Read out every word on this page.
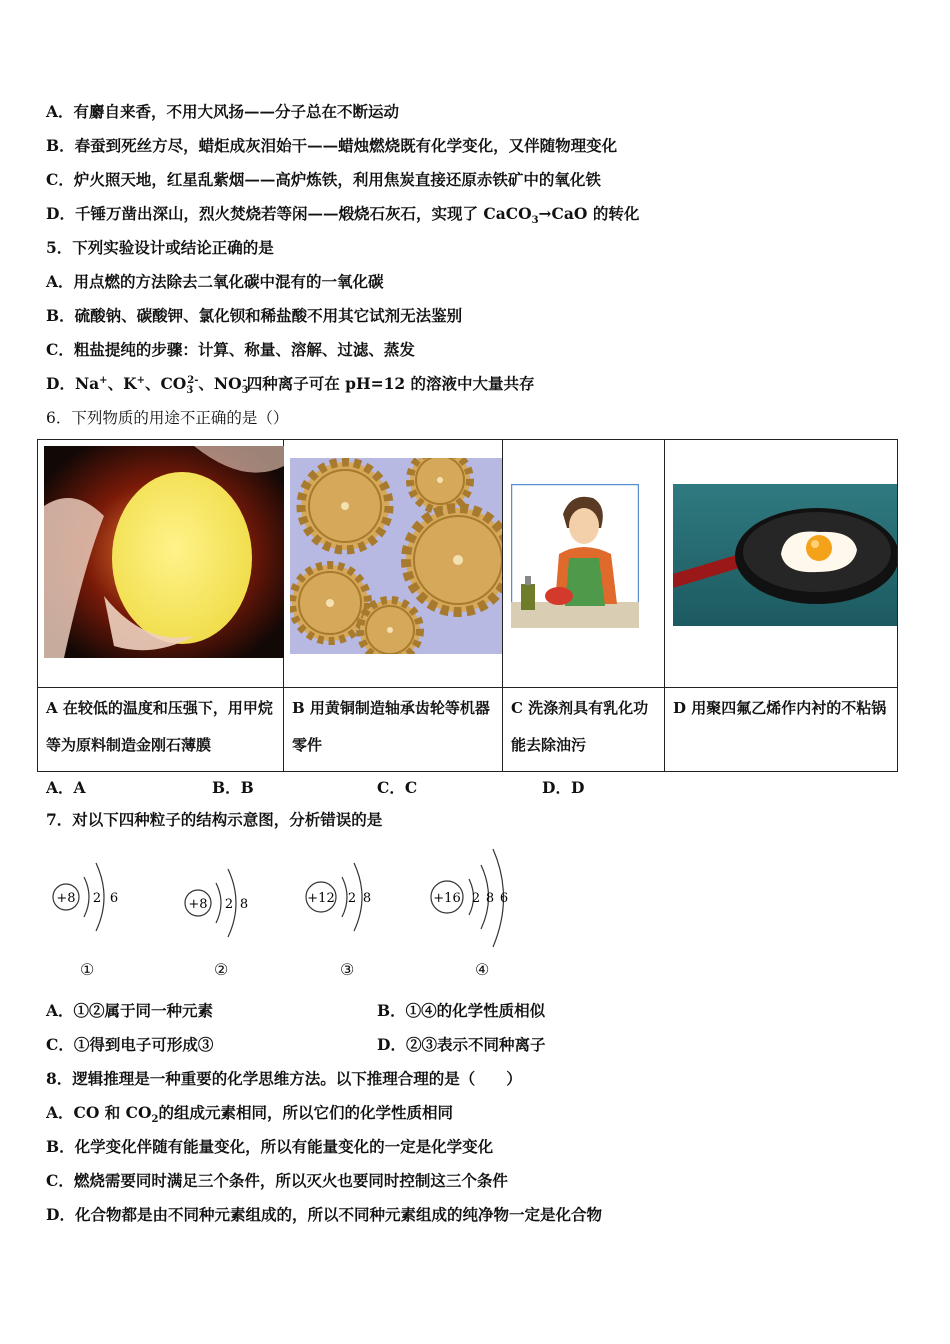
A．有麝自来香，不用大风扬——分子总在不断运动
B．春蚕到死丝方尽，蜡炬成灰泪始干——蜡烛燃烧既有化学变化，又伴随物理变化
C．炉火照天地，红星乱紫烟——高炉炼铁，利用焦炭直接还原赤铁矿中的氧化铁
D．千锤万凿出深山，烈火焚烧若等闲——煅烧石灰石，实现了 CaCO$_3$→CaO 的转化
5．下列实验设计或结论正确的是
A．用点燃的方法除去二氧化碳中混有的一氧化碳
B．硫酸钠、碳酸钾、氯化钡和稀盐酸不用其它试剂无法鉴别
C．粗盐提纯的步骤：计算、称量、溶解、过滤、蒸发
D．Na+、K+、$CO_3^{2-}$、$NO_3^-$四种离子可在 pH=12 的溶液中大量共存
6．下列物质的用途不正确的是（）

A 在较低的温度和压强下，用甲烷等为原料制造金刚石薄膜	B 用黄铜制造轴承齿轮等机器零件	C 洗涤剂具有乳化功能去除油污	D 用聚四氟乙烯作内衬的不粘锅
A．A	B．B	C．C	D．D
7．对以下四种粒子的结构示意图，分析错误的是
+8 2 6
①
+8 2 8
②
+12 2 8
③
+16 2 8 6
④
A．①②属于同一种元素	B．①④的化学性质相似
C．①得到电子可形成③	D．②③表示不同种离子
8．逻辑推理是一种重要的化学思维方法。以下推理合理的是（　　）
A．CO 和 $CO_2$的组成元素相同，所以它们的化学性质相同
B．化学变化伴随有能量变化，所以有能量变化的一定是化学变化
C．燃烧需要同时满足三个条件，所以灭火也要同时控制这三个条件
D．化合物都是由不同种元素组成的，所以不同种元素组成的纯净物一定是化合物
